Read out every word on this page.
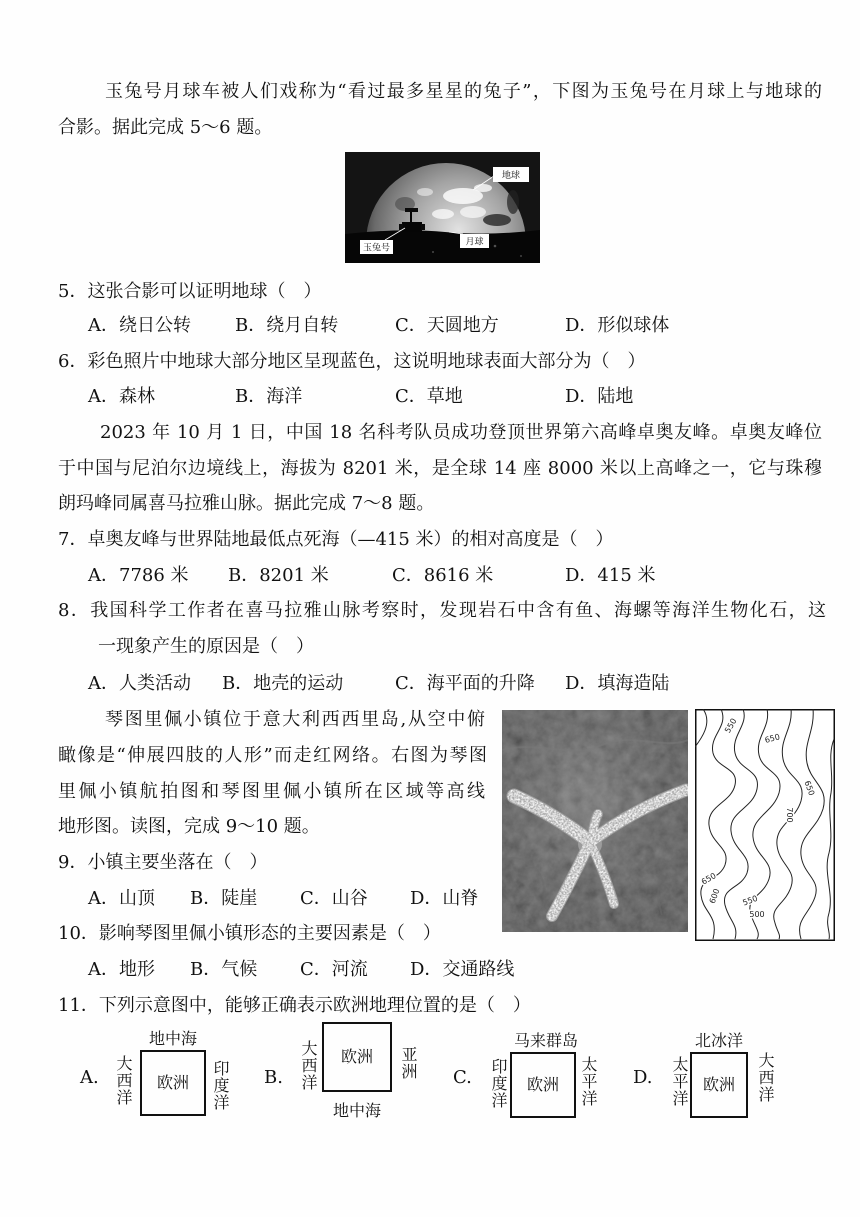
玉兔号月球车被人们戏称为“看过最多星星的兔子”，下图为玉兔号在月球上与地球的
合影。据此完成 5～6 题。
地球
玉兔号
月球
5．这张合影可以证明地球（　）
A．绕日公转 B．绕月自转	C．天圆地方	D．形似球体
6．彩色照片中地球大部分地区呈现蓝色，这说明地球表面大部分为（　）
A．森林	B．海洋	C．草地	D．陆地
2023 年 10 月 1 日，中国 18 名科考队员成功登顶世界第六高峰卓奥友峰。卓奥友峰位
于中国与尼泊尔边境线上，海拔为 8201 米，是全球 14 座 8000 米以上高峰之一，它与珠穆
朗玛峰同属喜马拉雅山脉。据此完成 7～8 题。
7．卓奥友峰与世界陆地最低点死海（—415 米）的相对高度是（　）
A．7786 米 B．8201 米	C．8616 米	D．415 米
8．我国科学工作者在喜马拉雅山脉考察时，发现岩石中含有鱼、海螺等海洋生物化石，这
一现象产生的原因是（　）
A．人类活动 B．地壳的运动	C．海平面的升降 D．填海造陆
琴图里佩小镇位于意大利西西里岛,从空中俯
瞰像是“伸展四肢的人形”而走红网络。右图为琴图
里佩小镇航拍图和琴图里佩小镇所在区域等高线
地形图。读图，完成 9～10 题。
550
650
650
700
650
600 550
500
9．小镇主要坐落在（　）
A．山顶 B．陡崖 C．山谷 D．山脊
10．影响琴图里佩小镇形态的主要因素是（　）
A．地形 B．气候 C．河流 D．交通路线
11．下列示意图中，能够正确表示欧洲地理位置的是（　）
A.
地中海
大西洋	欧洲	印度洋 B. 大西洋	欧洲	亚洲
地中海
C.
马来群岛
印度洋	欧洲	太平洋 D.
北冰洋
太平洋 欧洲	大西洋
